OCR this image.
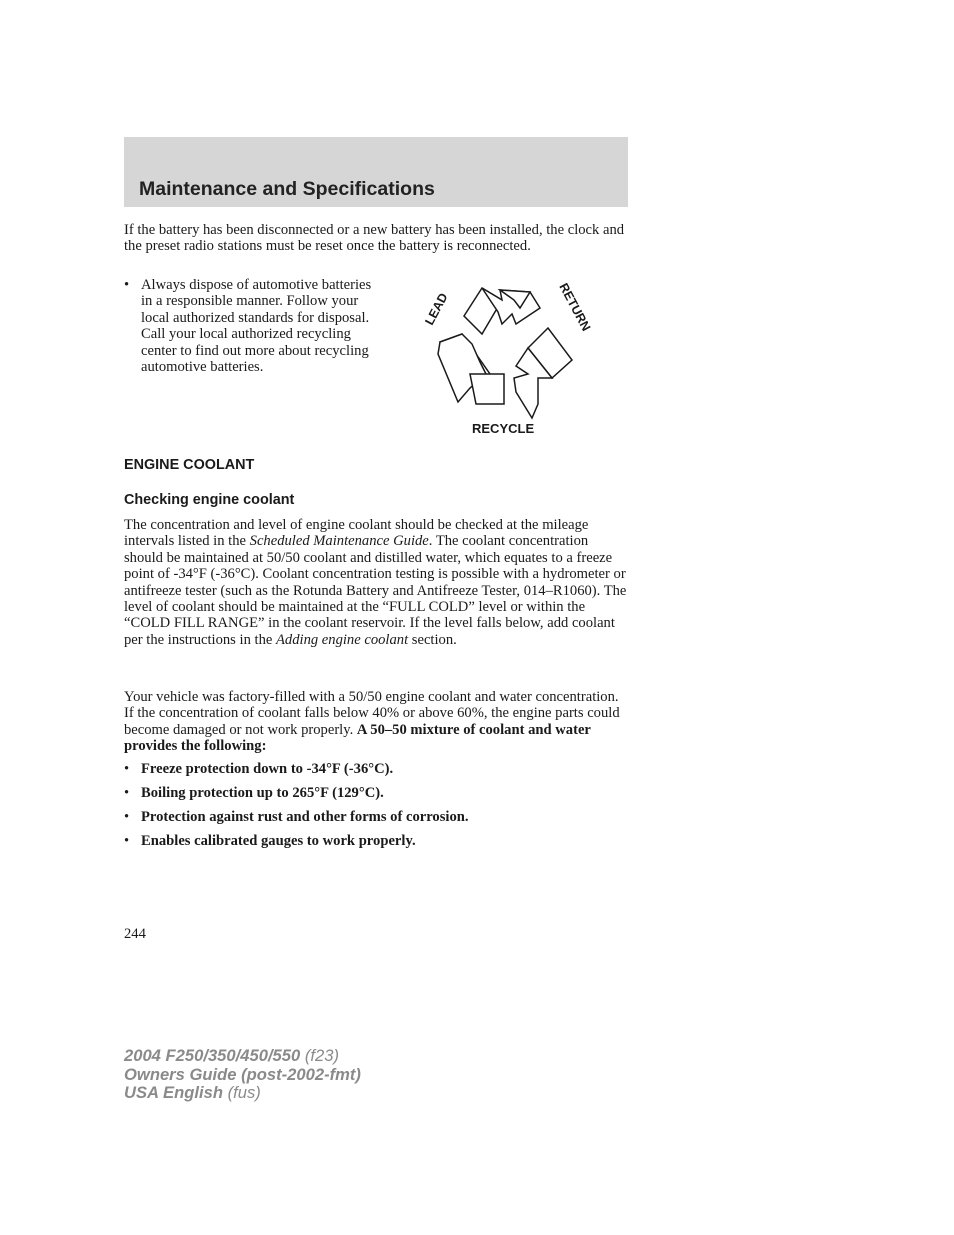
Maintenance and Specifications

If the battery has been disconnected or a new battery has been installed, the clock and the preset radio stations must be reset once the battery is reconnected.

• Always dispose of automotive batteries in a responsible manner. Follow your local authorized standards for disposal. Call your local authorized recycling center to find out more about recycling automotive batteries.
LEAD	RETURN
RECYCLE
ENGINE COOLANT
Checking engine coolant

The concentration and level of engine coolant should be checked at the mileage intervals listed in the Scheduled Maintenance Guide. The coolant concentration should be maintained at 50/50 coolant and distilled water, which equates to a freeze point of -34°F (-36°C). Coolant concentration testing is possible with a hydrometer or antifreeze tester (such as the Rotunda Battery and Antifreeze Tester, 014–R1060). The level of coolant should be maintained at the “FULL COLD” level or within the “COLD FILL RANGE” in the coolant reservoir. If the level falls below, add coolant per the instructions in the Adding engine coolant section.

Your vehicle was factory-filled with a 50/50 engine coolant and water concentration. If the concentration of coolant falls below 40% or above 60%, the engine parts could become damaged or not work properly. A 50–50 mixture of coolant and water provides the following:

• Freeze protection down to -34°F (-36°C).
• Boiling protection up to 265°F (129°C).
• Protection against rust and other forms of corrosion.
• Enables calibrated gauges to work properly.

244

2004 F250/350/450/550 (f23)
Owners Guide (post-2002-fmt)
USA English (fus)
